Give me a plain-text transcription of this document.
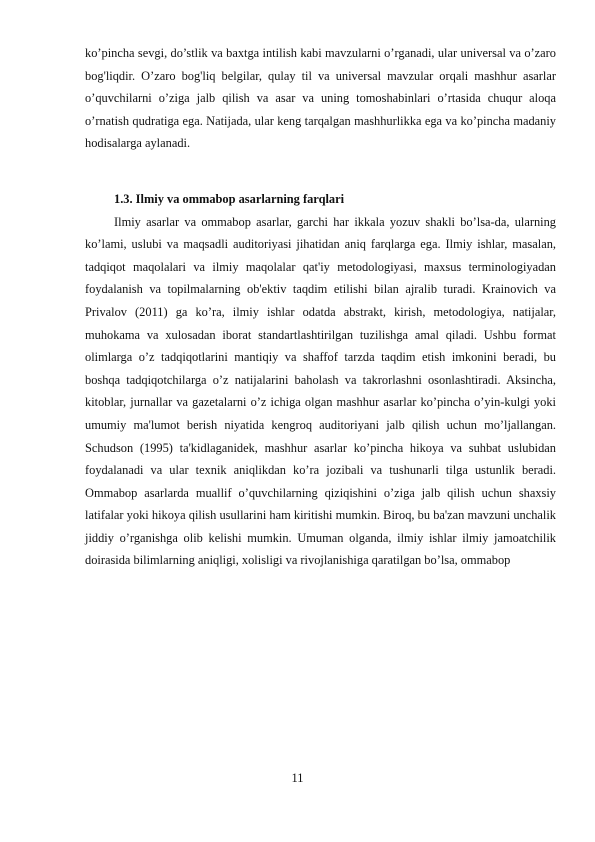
ko’pincha sevgi, do’stlik va baxtga intilish kabi mavzularni o’rganadi, ular universal va o’zaro bog'liqdir. O’zaro bog'liq belgilar, qulay til va universal mavzular orqali mashhur asarlar o’quvchilarni o’ziga jalb qilish va asar va uning tomoshabinlari o’rtasida chuqur aloqa o’rnatish qudratiga ega. Natijada, ular keng tarqalgan mashhurlikka ega va ko’pincha madaniy hodisalarga aylanadi.

1.3. Ilmiy va ommabop asarlarning farqlari

Ilmiy asarlar va ommabop asarlar, garchi har ikkala yozuv shakli bo’lsa-da, ularning ko’lami, uslubi va maqsadli auditoriyasi jihatidan aniq farqlarga ega. Ilmiy ishlar, masalan, tadqiqot maqolalari va ilmiy maqolalar qat'iy metodologiyasi, maxsus terminologiyadan foydalanish va topilmalarning ob'ektiv taqdim etilishi bilan ajralib turadi. Krainovich va Privalov (2011) ga ko’ra, ilmiy ishlar odatda abstrakt, kirish, metodologiya, natijalar, muhokama va xulosadan iborat standartlashtirilgan tuzilishga amal qiladi. Ushbu format olimlarga o’z tadqiqotlarini mantiqiy va shaffof tarzda taqdim etish imkonini beradi, bu boshqa tadqiqotchilarga o’z natijalarini baholash va takrorlashni osonlashtiradi. Aksincha, kitoblar, jurnallar va gazetalarni o’z ichiga olgan mashhur asarlar ko’pincha o’yin-kulgi yoki umumiy ma'lumot berish niyatida kengroq auditoriyani jalb qilish uchun mo’ljallangan. Schudson (1995) ta'kidlaganidek, mashhur asarlar ko’pincha hikoya va suhbat uslubidan foydalanadi va ular texnik aniqlikdan ko’ra jozibali va tushunarli tilga ustunlik beradi. Ommabop asarlarda muallif o’quvchilarning qiziqishini o’ziga jalb qilish uchun shaxsiy latifalar yoki hikoya qilish usullarini ham kiritishi mumkin. Biroq, bu ba'zan mavzuni unchalik jiddiy o’rganishga olib kelishi mumkin. Umuman olganda, ilmiy ishlar ilmiy jamoatchilik doirasida bilimlarning aniqligi, xolisligi va rivojlanishiga qaratilgan bo’lsa, ommabop

11
